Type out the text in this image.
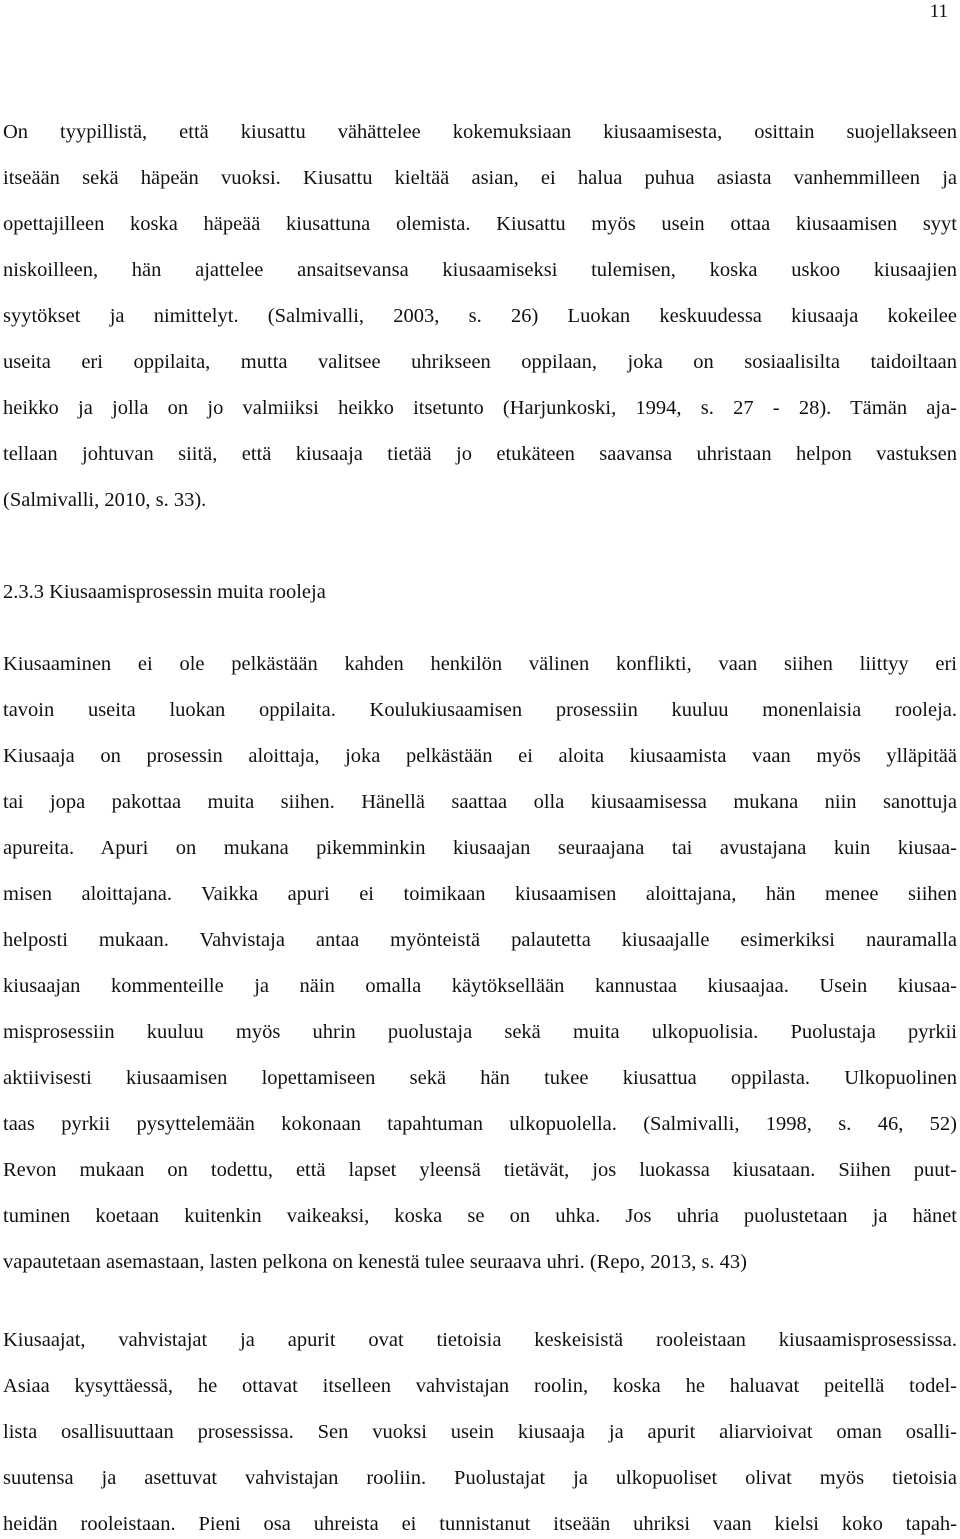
11
On tyypillistä, että kiusattu vähättelee kokemuksiaan kiusaamisesta, osittain suojellakseen
itseään sekä häpeän vuoksi. Kiusattu kieltää asian, ei halua puhua asiasta vanhemmilleen ja
opettajilleen koska häpeää kiusattuna olemista. Kiusattu myös usein ottaa kiusaamisen syyt
niskoilleen, hän ajattelee ansaitsevansa kiusaamiseksi tulemisen, koska uskoo kiusaajien
syytökset ja nimittelyt. (Salmivalli, 2003, s. 26) Luokan keskuudessa kiusaaja kokeilee
useita eri oppilaita, mutta valitsee uhrikseen oppilaan, joka on sosiaalisilta taidoiltaan
heikko ja jolla on jo valmiiksi heikko itsetunto (Harjunkoski, 1994, s. 27 - 28). Tämän aja-
tellaan johtuvan siitä, että kiusaaja tietää jo etukäteen saavansa uhristaan helpon vastuksen
(Salmivalli, 2010, s. 33).
2.3.3 Kiusaamisprosessin muita rooleja
Kiusaaminen ei ole pelkästään kahden henkilön välinen konflikti, vaan siihen liittyy eri
tavoin useita luokan oppilaita. Koulukiusaamisen prosessiin kuuluu monenlaisia rooleja.
Kiusaaja on prosessin aloittaja, joka pelkästään ei aloita kiusaamista vaan myös ylläpitää
tai jopa pakottaa muita siihen. Hänellä saattaa olla kiusaamisessa mukana niin sanottuja
apureita. Apuri on mukana pikemminkin kiusaajan seuraajana tai avustajana kuin kiusaa-
misen aloittajana. Vaikka apuri ei toimikaan kiusaamisen aloittajana, hän menee siihen
helposti mukaan. Vahvistaja antaa myönteistä palautetta kiusaajalle esimerkiksi nauramalla
kiusaajan kommenteille ja näin omalla käytöksellään kannustaa kiusaajaa. Usein kiusaa-
misprosessiin kuuluu myös uhrin puolustaja sekä muita ulkopuolisia. Puolustaja pyrkii
aktiivisesti kiusaamisen lopettamiseen sekä hän tukee kiusattua oppilasta. Ulkopuolinen
taas pyrkii pysyttelemään kokonaan tapahtuman ulkopuolella. (Salmivalli, 1998, s. 46, 52)
Revon mukaan on todettu, että lapset yleensä tietävät, jos luokassa kiusataan. Siihen puut-
tuminen koetaan kuitenkin vaikeaksi, koska se on uhka. Jos uhria puolustetaan ja hänet
vapautetaan asemastaan, lasten pelkona on kenestä tulee seuraava uhri. (Repo, 2013, s. 43)
Kiusaajat, vahvistajat ja apurit ovat tietoisia keskeisistä rooleistaan kiusaamisprosessissa.
Asiaa kysyttäessä, he ottavat itselleen vahvistajan roolin, koska he haluavat peitellä todel-
lista osallisuuttaan prosessissa. Sen vuoksi usein kiusaaja ja apurit aliarvioivat oman osalli-
suutensa ja asettuvat vahvistajan rooliin. Puolustajat ja ulkopuoliset olivat myös tietoisia
heidän rooleistaan. Pieni osa uhreista ei tunnistanut itseään uhriksi vaan kielsi koko tapah-
